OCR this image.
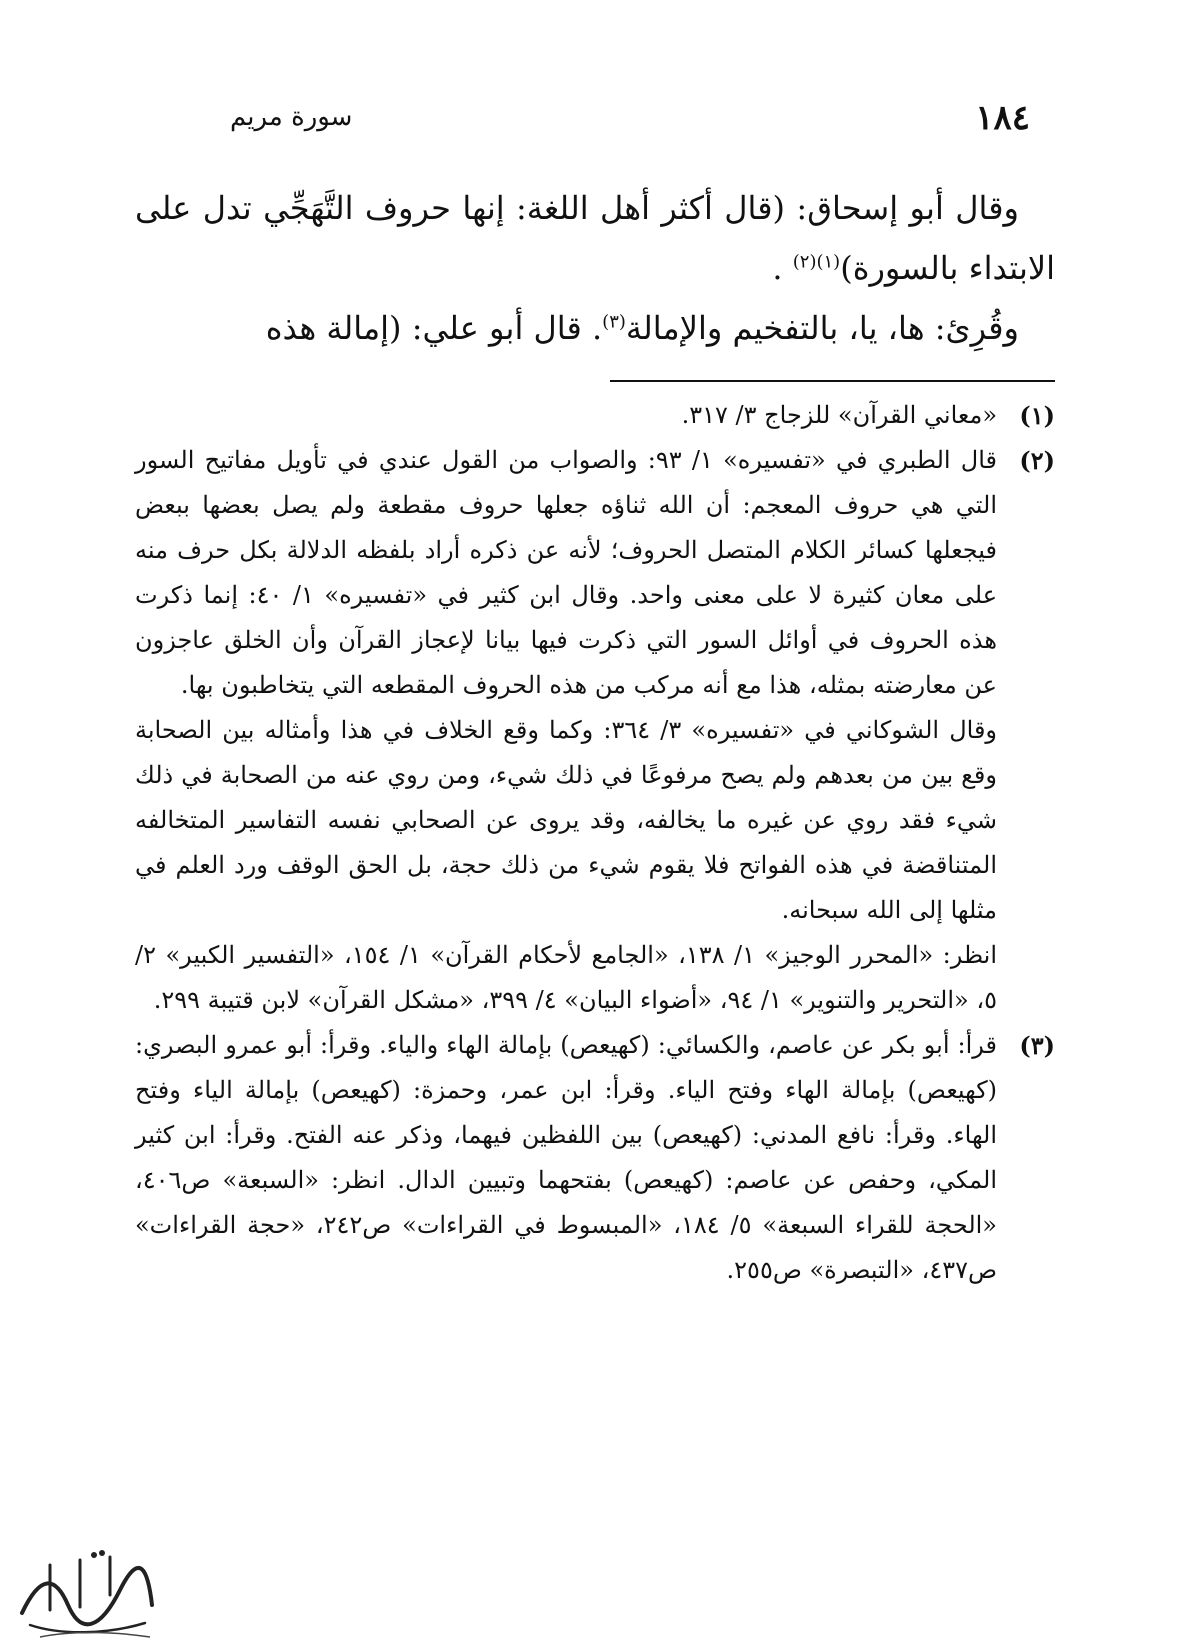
١٨٤
سورة مريم

وقال أبو إسحاق: (قال أكثر أهل اللغة: إنها حروف التَّهَجِّي تدل على الابتداء بالسورة)$^{(١)(٢)}$ .

وقُرِئ: ها، يا، بالتفخيم والإمالة$^{(٣)}$. قال أبو علي: (إمالة هذه

(١)

«معاني القرآن» للزجاج ٣/ ٣١٧.

(٢)

قال الطبري في «تفسيره» ١/ ٩٣: والصواب من القول عندي في تأويل مفاتيح السور التي هي حروف المعجم: أن الله ثناؤه جعلها حروف مقطعة ولم يصل بعضها ببعض فيجعلها كسائر الكلام المتصل الحروف؛ لأنه عن ذكره أراد بلفظه الدلالة بكل حرف منه على معان كثيرة لا على معنى واحد. وقال ابن كثير في «تفسيره» ١/ ٤٠: إنما ذكرت هذه الحروف في أوائل السور التي ذكرت فيها بيانا لإعجاز القرآن وأن الخلق عاجزون عن معارضته بمثله، هذا مع أنه مركب من هذه الحروف المقطعه التي يتخاطبون بها.

وقال الشوكاني في «تفسيره» ٣/ ٣٦٤: وكما وقع الخلاف في هذا وأمثاله بين الصحابة وقع بين من بعدهم ولم يصح مرفوعًا في ذلك شيء، ومن روي عنه من الصحابة في ذلك شيء فقد روي عن غيره ما يخالفه، وقد يروى عن الصحابي نفسه التفاسير المتخالفه المتناقضة في هذه الفواتح فلا يقوم شيء من ذلك حجة، بل الحق الوقف ورد العلم في مثلها إلى الله سبحانه.

انظر: «المحرر الوجيز» ١/ ١٣٨، «الجامع لأحكام القرآن» ١/ ١٥٤، «التفسير الكبير» ٢/ ٥، «التحرير والتنوير» ١/ ٩٤، «أضواء البيان» ٤/ ٣٩٩، «مشكل القرآن» لابن قتيبة ٢٩٩.

(٣)

قرأ: أبو بكر عن عاصم، والكسائي: (كهيعص) بإمالة الهاء والياء. وقرأ: أبو عمرو البصري: (كهيعص) بإمالة الهاء وفتح الياء. وقرأ: ابن عمر، وحمزة: (كهيعص) بإمالة الياء وفتح الهاء. وقرأ: نافع المدني: (كهيعص) بين اللفظين فيهما، وذكر عنه الفتح. وقرأ: ابن كثير المكي، وحفص عن عاصم: (كهيعص) بفتحهما وتبيين الدال. انظر: «السبعة» ص٤٠٦، «الحجة للقراء السبعة» ٥/ ١٨٤، «المبسوط في القراءات» ص٢٤٢، «حجة القراءات» ص٤٣٧، «التبصرة» ص٢٥٥.
